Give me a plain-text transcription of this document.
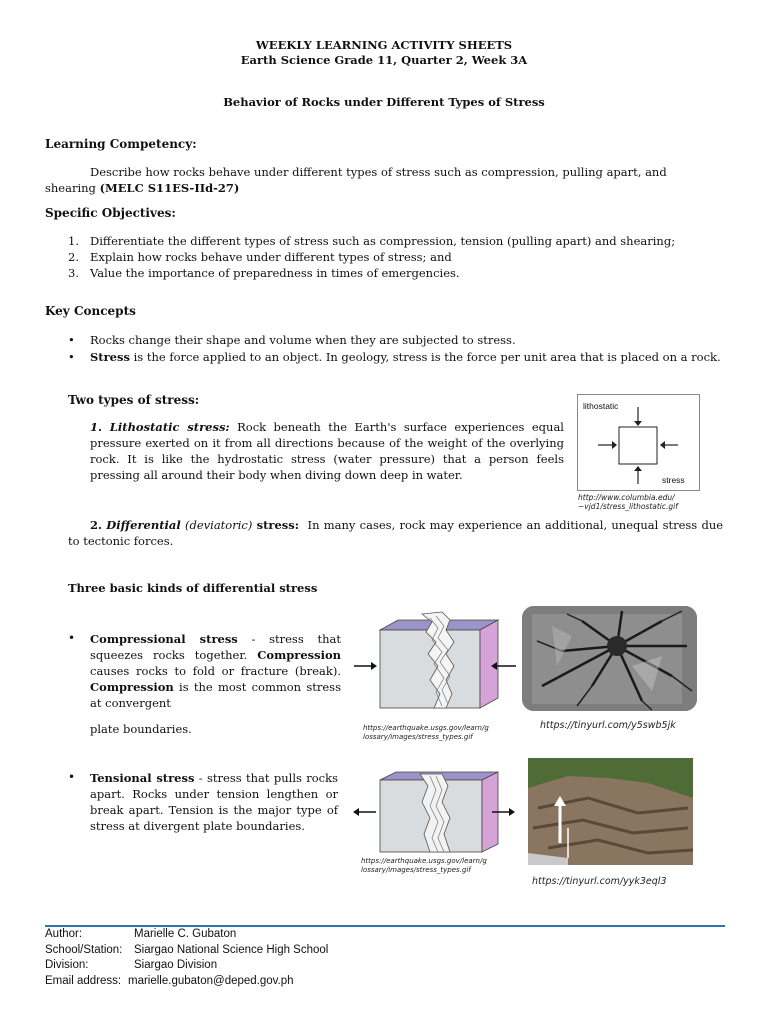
WEEKLY LEARNING ACTIVITY SHEETS
Earth Science Grade 11, Quarter 2, Week 3A
Behavior of Rocks under Different Types of Stress
Learning Competency:
Describe how rocks behave under different types of stress such as compression, pulling apart, and shearing (MELC S11ES-IId-27)
Specific Objectives:
1. Differentiate the different types of stress such as compression, tension (pulling apart) and shearing;
2. Explain how rocks behave under different types of stress; and
3. Value the importance of preparedness in times of emergencies.
Key Concepts
•	Rocks change their shape and volume when they are subjected to stress.
•	Stress is the force applied to an object. In geology, stress is the force per unit area that is placed on a rock.
Two types of stress:
1. Lithostatic stress: Rock beneath the Earth's surface experiences equal pressure exerted on it from all directions because of the weight of the overlying rock. It is like the hydrostatic stress (water pressure) that a person feels pressing all around their body when diving down deep in water.
lithostatic
stress
http://www.columbia.edu/
~vjd1/stress_lithostatic.gif
2. Differential (deviatoric) stress: In many cases, rock may experience an additional, unequal stress due to tectonic forces.
Three basic kinds of differential stress
• Compressional stress - stress that squeezes rocks together. Compression causes rocks to fold or fracture (break). Compression is the most common stress at convergent
plate boundaries.	https://earthquake.usgs.gov/learn/g
lossary/images/stress_types.gif
https://tinyurl.com/y5swb5jk
• Tensional stress - stress that pulls rocks apart. Rocks under tension lengthen or break apart. Tension is the major type of stress at divergent plate boundaries.
https://earthquake.usgs.gov/learn/g
lossary/images/stress_types.gif
https://tinyurl.com/yyk3eql3
Author:	Marielle C. Gubaton
School/Station:	Siargao National Science High School
Division:	Siargao Division
Email address: marielle.gubaton@deped.gov.ph
